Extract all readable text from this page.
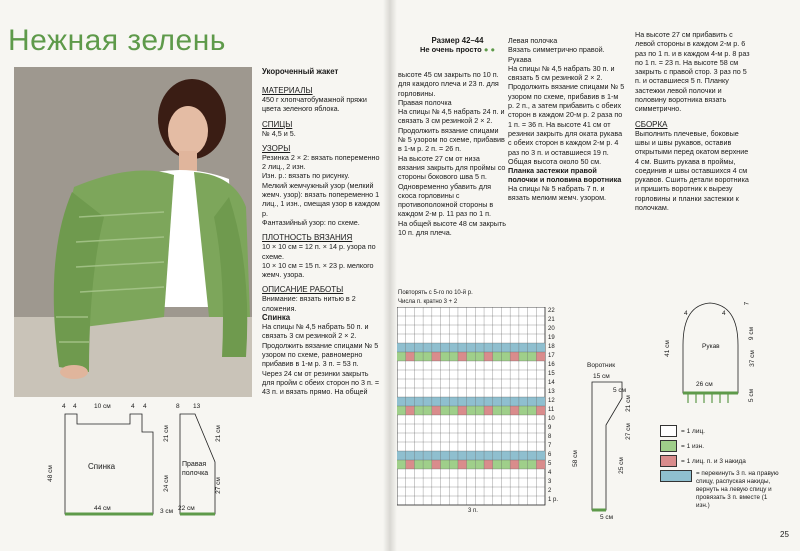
Нежная зелень
4 4	10 см	4 4
Спинка
44 см
21 см
24 см
3 см
48 см
8 13
Правая полочка
22 см
21 см
27 см
Укороченный жакет
МАТЕРИАЛЫ
450 г хлопчатобумажной пряжи цвета зеленого яблока.
СПИЦЫ
№ 4,5 и 5.
УЗОРЫ
Резинка 2 × 2: вязать попеременно 2 лиц., 2 изн.
Изн. р.: вязать по рисунку.
Мелкий жемчужный узор (мелкий жемч. узор): вязать попеременно 1 лиц., 1 изн., смещая узор в каждом р.
Фантазийный узор: по схеме.
ПЛОТНОСТЬ ВЯЗАНИЯ
10 × 10 см = 12 п. × 14 р. узора по схеме.
10 × 10 см = 15 п. × 23 р. мелкого жемч. узора.
ОПИСАНИЕ РАБОТЫ
Внимание: вязать нитью в 2 сложения.
Спинка
На спицы № 4,5 набрать 50 п. и связать 3 см резинкой 2 × 2. Продолжить вязание спицами № 5 узором по схеме, равномерно прибавив в 1-м р. 3 п. = 53 п. Через 24 см от резинки закрыть для пройм с обеих сторон по 3 п. = 43 п. и вязать прямо. На общей
Размер 42–44
Не очень просто ● ●
высоте 45 см закрыть по 10 п. для каждого плеча и 23 п. для горловины.
Правая полочка
На спицы № 4,5 набрать 24 п. и связать 3 см резинкой 2 × 2. Продолжить вязание спицами № 5 узором по схеме, прибавив в 1-м р. 2 п. = 26 п.
На высоте 27 см от низа вязания закрыть для проймы со стороны бокового шва 5 п. Одновременно убавить для скоса горловины с противоположной стороны в каждом 2-м р. 11 раз по 1 п.
На общей высоте 48 см закрыть 10 п. для плеча.
Левая полочка
Вязать симметрично правой.
Рукава
На спицы № 4,5 набрать 30 п. и связать 5 см резинкой 2 × 2. Продолжить вязание спицами № 5 узором по схеме, прибавив в 1-м р. 2 п., а затем прибавить с обеих сторон в каждом 20-м р. 2 раза по 1 п. = 36 п. На высоте 41 см от резинки закрыть для оката рукава с обеих сторон в каждом 2-м р. 4 раз по 3 п. и оставшиеся 19 п. Общая высота около 50 см.
Планка застежки правой полочки и половина воротника
На спицы № 5 набрать 7 п. и вязать мелким жемч. узором.
На высоте 27 см прибавить с левой стороны в каждом 2-м р. 6 раз по 1 п. и в каждом 4-м р. 8 раз по 1 п. = 23 п. На высоте 58 см закрыть с правой стор. 3 раз по 5 п. и оставшиеся 5 п. Планку застежки левой полочки и половину воротника вязать симметрично.
СБОРКА
Выполнить плечевые, боковые швы и швы рукавов, оставив открытыми перед окатом верхние 4 см. Вшить рукава в проймы, соединив и швы оставшихся 4 см рукавов. Сшить детали воротника и пришить воротник к вырезу горловины и планки застежки к полочкам.
Повторять с 5-го по 10-й р.
Числа п. кратно 3 + 2
22
21
20
19
18
17
16
15
14
13
12
11
10
9
8
7
6
5
4
3
2
1 р.
3 п.
Воротник
15 см
5 см
21 см
27 см
25 см
58 см
5 см
Рукав
4	4
7
26 см
41 см
37 см
9 см
5 см
= 1 лиц.
= 1 изн.
= 1 лиц. п. и 3 накида
= перекинуть 3 п. на правую спицу, распуская накиды, вернуть на левую спицу и провязать 3 п. вместе (1 изн.)
25
